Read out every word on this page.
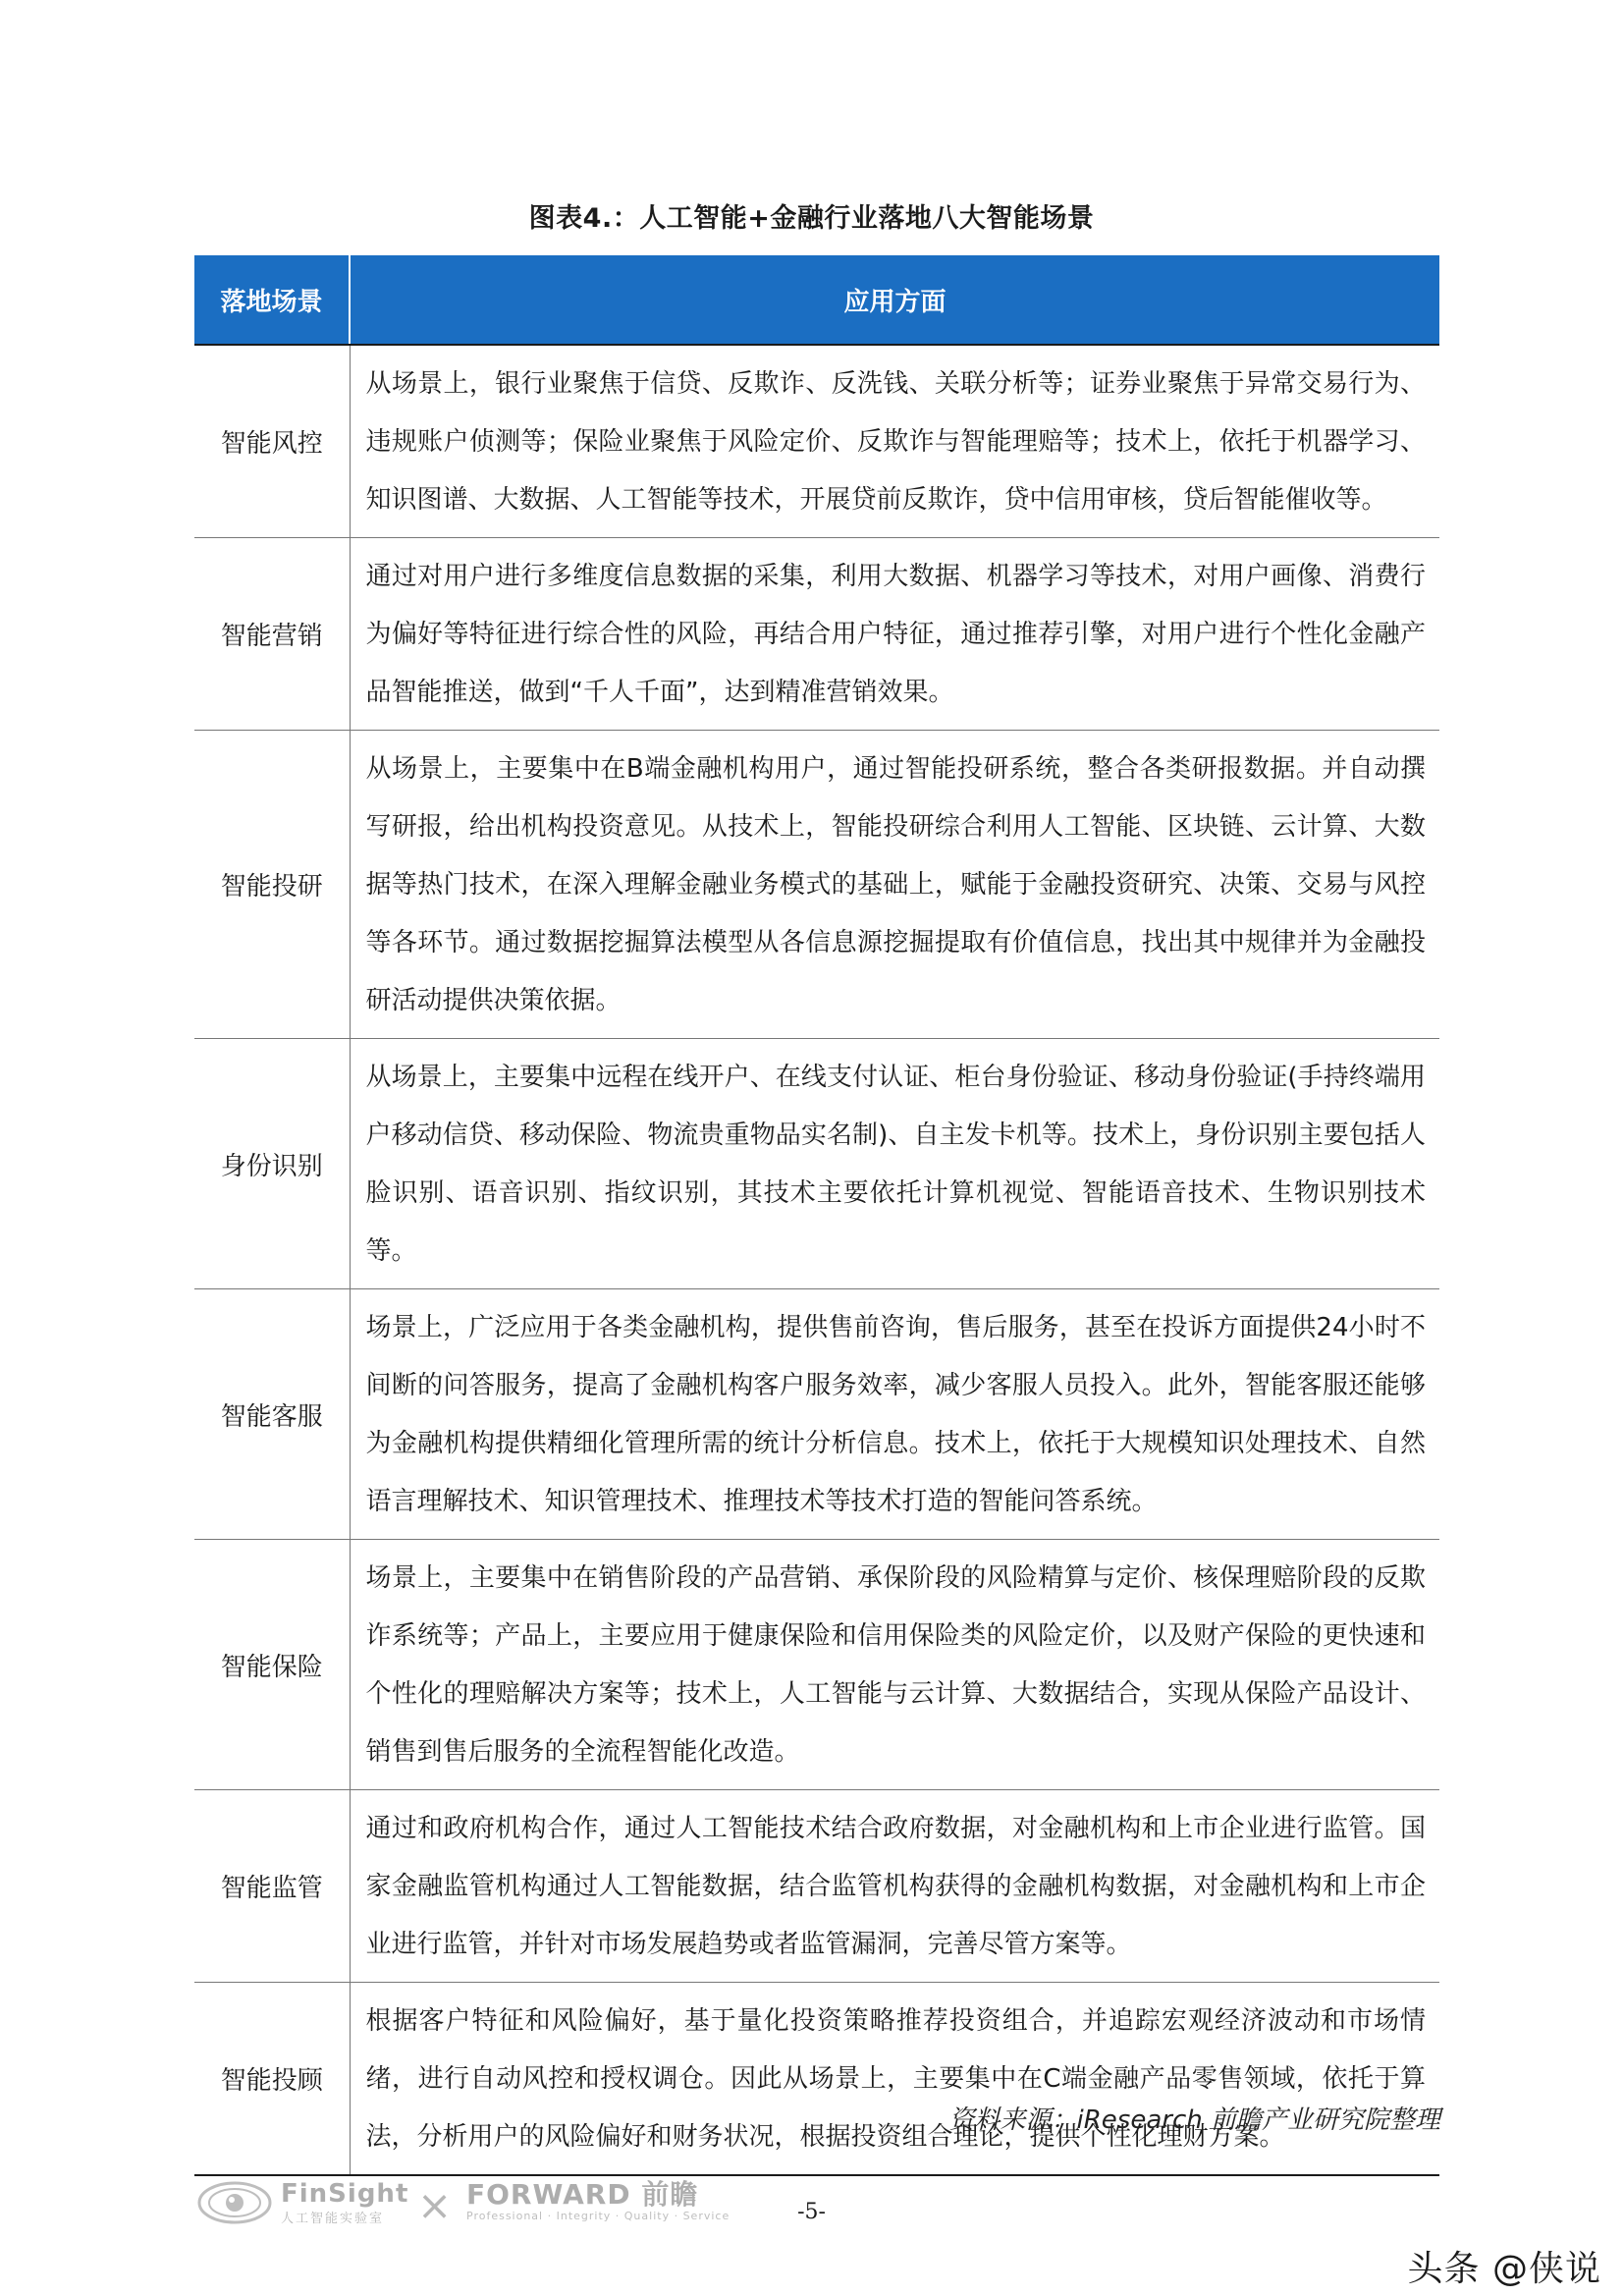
图表4.：人工智能+金融行业落地八大智能场景
落地场景	应用方面
智能风控	从场景上，银行业聚焦于信贷、反欺诈、反洗钱、关联分析等；证券业聚焦于异常交易行为、违规账户侦测等；保险业聚焦于风险定价、反欺诈与智能理赔等；技术上，依托于机器学习、知识图谱、大数据、人工智能等技术，开展贷前反欺诈，贷中信用审核，贷后智能催收等。
智能营销	通过对用户进行多维度信息数据的采集，利用大数据、机器学习等技术，对用户画像、消费行为偏好等特征进行综合性的风险，再结合用户特征，通过推荐引擎，对用户进行个性化金融产品智能推送，做到“千人千面”，达到精准营销效果。
智能投研	从场景上，主要集中在B端金融机构用户，通过智能投研系统，整合各类研报数据。并自动撰写研报，给出机构投资意见。从技术上，智能投研综合利用人工智能、区块链、云计算、大数据等热门技术，在深入理解金融业务模式的基础上，赋能于金融投资研究、决策、交易与风控等各环节。通过数据挖掘算法模型从各信息源挖掘提取有价值信息，找出其中规律并为金融投研活动提供决策依据。
身份识别	从场景上，主要集中远程在线开户、在线支付认证、柜台身份验证、移动身份验证(手持终端用户移动信贷、移动保险、物流贵重物品实名制)、自主发卡机等。技术上，身份识别主要包括人脸识别、语音识别、指纹识别，其技术主要依托计算机视觉、智能语音技术、生物识别技术等。
智能客服	场景上，广泛应用于各类金融机构，提供售前咨询，售后服务，甚至在投诉方面提供24小时不间断的问答服务，提高了金融机构客户服务效率，减少客服人员投入。此外，智能客服还能够为金融机构提供精细化管理所需的统计分析信息。技术上，依托于大规模知识处理技术、自然语言理解技术、知识管理技术、推理技术等技术打造的智能问答系统。
智能保险	场景上，主要集中在销售阶段的产品营销、承保阶段的风险精算与定价、核保理赔阶段的反欺诈系统等；产品上，主要应用于健康保险和信用保险类的风险定价，以及财产保险的更快速和个性化的理赔解决方案等；技术上，人工智能与云计算、大数据结合，实现从保险产品设计、销售到售后服务的全流程智能化改造。
智能监管	通过和政府机构合作，通过人工智能技术结合政府数据，对金融机构和上市企业进行监管。国家金融监管机构通过人工智能数据，结合监管机构获得的金融机构数据，对金融机构和上市企业进行监管，并针对市场发展趋势或者监管漏洞，完善尽管方案等。
智能投顾	根据客户特征和风险偏好，基于量化投资策略推荐投资组合，并追踪宏观经济波动和市场情绪，进行自动风控和授权调仓。因此从场景上，主要集中在C端金融产品零售领域，依托于算法，分析用户的风险偏好和财务状况，根据投资组合理论，提供个性化理财方案。
资料来源：iResearch 前瞻产业研究院整理
FinSight
人工智能实验室 × FORWARD 前瞻
Professional · Integrity · Quality · Service	-5-
头条 @侠说
